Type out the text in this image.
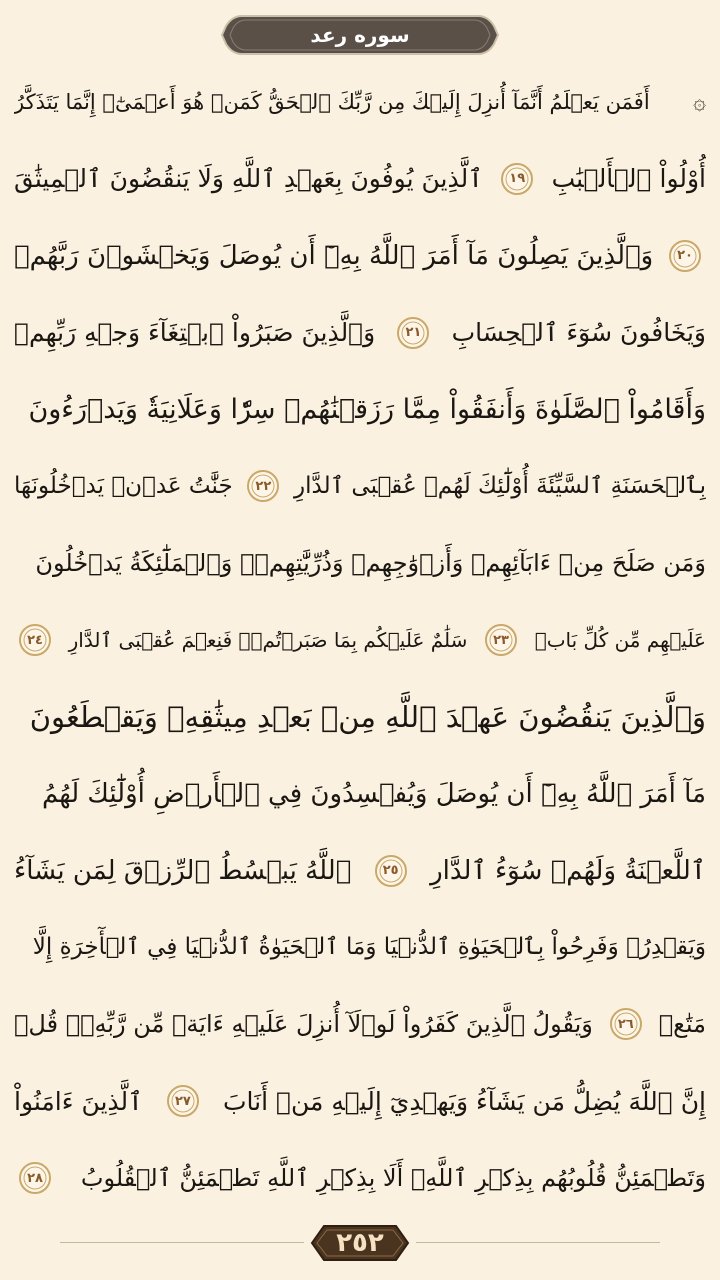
سوره رعد
۞
أَفَمَن يَعۡلَمُ أَنَّمَآ أُنزِلَ إِلَيۡكَ مِن رَّبِّكَ ٱلۡحَقُّ كَمَنۡ هُوَ أَعۡمَىٰٓۚ إِنَّمَا يَتَذَكَّرُ
أُوْلُواْ ٱلۡأَلۡبَٰبِ
١٩
ٱلَّذِينَ يُوفُونَ بِعَهۡدِ ٱللَّهِ وَلَا يَنقُضُونَ ٱلۡمِيثَٰقَ
٢٠
وَٱلَّذِينَ يَصِلُونَ مَآ أَمَرَ ٱللَّهُ بِهِۦٓ أَن يُوصَلَ وَيَخۡشَوۡنَ رَبَّهُمۡ
وَيَخَافُونَ سُوٓءَ ٱلۡحِسَابِ
٢١
وَٱلَّذِينَ صَبَرُواْ ٱبۡتِغَآءَ وَجۡهِ رَبِّهِمۡ
وَأَقَامُواْ ٱلصَّلَوٰةَ وَأَنفَقُواْ مِمَّا رَزَقۡنَٰهُمۡ سِرّٗا وَعَلَانِيَةٗ وَيَدۡرَءُونَ
بِٱلۡحَسَنَةِ ٱلسَّيِّئَةَ أُوْلَٰٓئِكَ لَهُمۡ عُقۡبَى ٱلدَّارِ
٢٢
جَنَّٰتُ عَدۡنٖ يَدۡخُلُونَهَا
وَمَن صَلَحَ مِنۡ ءَابَآئِهِمۡ وَأَزۡوَٰجِهِمۡ وَذُرِّيَّٰتِهِمۡۖ وَٱلۡمَلَٰٓئِكَةُ يَدۡخُلُونَ
عَلَيۡهِم مِّن كُلِّ بَابٖ
٢٣
سَلَٰمٌ عَلَيۡكُم بِمَا صَبَرۡتُمۡۚ فَنِعۡمَ عُقۡبَى ٱلدَّارِ
٢٤
وَٱلَّذِينَ يَنقُضُونَ عَهۡدَ ٱللَّهِ مِنۢ بَعۡدِ مِيثَٰقِهِۦ وَيَقۡطَعُونَ
مَآ أَمَرَ ٱللَّهُ بِهِۦٓ أَن يُوصَلَ وَيُفۡسِدُونَ فِي ٱلۡأَرۡضِ أُوْلَٰٓئِكَ لَهُمُ
ٱللَّعۡنَةُ وَلَهُمۡ سُوٓءُ ٱلدَّارِ
٢٥
ٱللَّهُ يَبۡسُطُ ٱلرِّزۡقَ لِمَن يَشَآءُ
وَيَقۡدِرُۚ وَفَرِحُواْ بِٱلۡحَيَوٰةِ ٱلدُّنۡيَا وَمَا ٱلۡحَيَوٰةُ ٱلدُّنۡيَا فِي ٱلۡأٓخِرَةِ إِلَّا
مَتَٰعٞ
٢٦
وَيَقُولُ ٱلَّذِينَ كَفَرُواْ لَوۡلَآ أُنزِلَ عَلَيۡهِ ءَايَةٞ مِّن رَّبِّهِۦۚ قُلۡ
إِنَّ ٱللَّهَ يُضِلُّ مَن يَشَآءُ وَيَهۡدِيٓ إِلَيۡهِ مَنۡ أَنَابَ
٢٧
ٱلَّذِينَ ءَامَنُواْ
وَتَطۡمَئِنُّ قُلُوبُهُم بِذِكۡرِ ٱللَّهِۗ أَلَا بِذِكۡرِ ٱللَّهِ تَطۡمَئِنُّ ٱلۡقُلُوبُ
٢٨
٢٥٢
